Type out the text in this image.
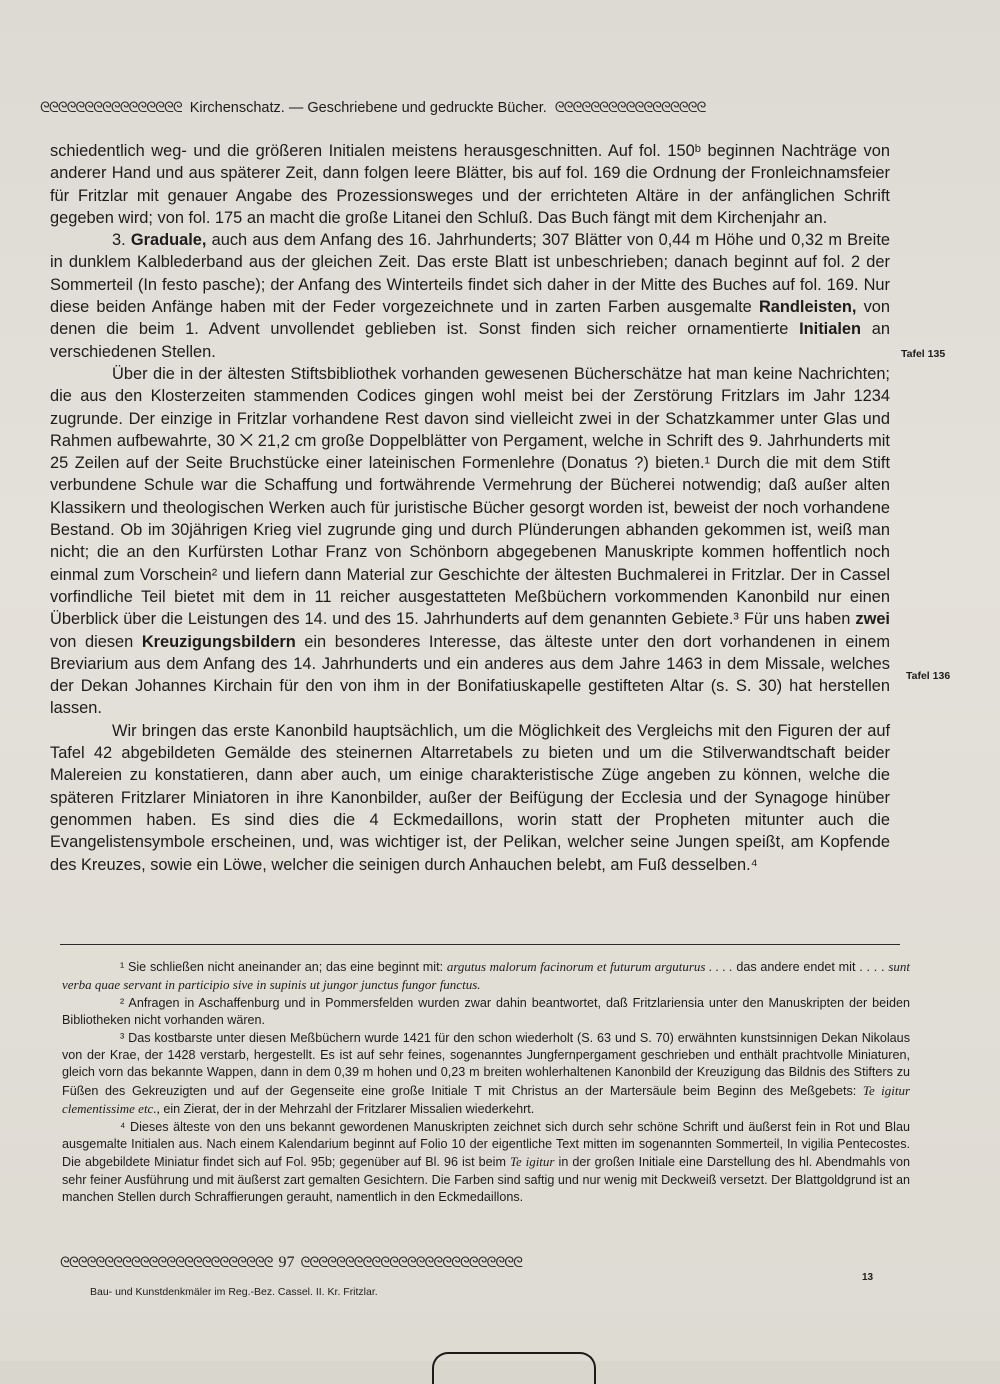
ᘓᘓᘓᘓᘓᘓᘓᘓᘓᘓᘓᘓᘓᘓᘓᘓ Kirchenschatz. — Geschriebene und gedruckte Bücher. ᘓᘓᘓᘓᘓᘓᘓᘓᘓᘓᘓᘓᘓᘓᘓᘓᘓ

schiedentlich weg- und die größeren Initialen meistens herausgeschnitten. Auf fol. 150ᵇ beginnen Nachträge von anderer Hand und aus späterer Zeit, dann folgen leere Blätter, bis auf fol. 169 die Ordnung der Fronleichnamsfeier für Fritzlar mit genauer Angabe des Prozessionsweges und der errichteten Altäre in der anfänglichen Schrift gegeben wird; von fol. 175 an macht die große Litanei den Schluß. Das Buch fängt mit dem Kirchenjahr an.

3. Graduale, auch aus dem Anfang des 16. Jahrhunderts; 307 Blätter von 0,44 m Höhe und 0,32 m Breite in dunklem Kalblederband aus der gleichen Zeit. Das erste Blatt ist unbeschrieben; danach beginnt auf fol. 2 der Sommerteil (In festo pasche); der Anfang des Winterteils findet sich daher in der Mitte des Buches auf fol. 169. Nur diese beiden Anfänge haben mit der Feder vorgezeichnete und in zarten Farben ausgemalte Randleisten, von denen die beim 1. Advent unvollendet geblieben ist. Sonst finden sich reicher ornamentierte Initialen an verschiedenen Stellen.

Über die in der ältesten Stiftsbibliothek vorhanden gewesenen Bücherschätze hat man keine Nachrichten; die aus den Klosterzeiten stammenden Codices gingen wohl meist bei der Zerstörung Fritzlars im Jahr 1234 zugrunde. Der einzige in Fritzlar vorhandene Rest davon sind vielleicht zwei in der Schatzkammer unter Glas und Rahmen aufbewahrte, 30 ⨉ 21,2 cm große Doppelblätter von Pergament, welche in Schrift des 9. Jahrhunderts mit 25 Zeilen auf der Seite Bruchstücke einer lateinischen Formenlehre (Donatus ?) bieten.¹ Durch die mit dem Stift verbundene Schule war die Schaffung und fortwährende Vermehrung der Bücherei notwendig; daß außer alten Klassikern und theologischen Werken auch für juristische Bücher gesorgt worden ist, beweist der noch vorhandene Bestand. Ob im 30jährigen Krieg viel zugrunde ging und durch Plünderungen abhanden gekommen ist, weiß man nicht; die an den Kurfürsten Lothar Franz von Schönborn abgegebenen Manuskripte kommen hoffentlich noch einmal zum Vorschein² und liefern dann Material zur Geschichte der ältesten Buchmalerei in Fritzlar. Der in Cassel vorfindliche Teil bietet mit dem in 11 reicher ausgestatteten Meßbüchern vorkommenden Kanonbild nur einen Überblick über die Leistungen des 14. und des 15. Jahrhunderts auf dem genannten Gebiete.³ Für uns haben zwei von diesen Kreuzigungsbildern ein besonderes Interesse, das älteste unter den dort vorhandenen in einem Breviarium aus dem Anfang des 14. Jahrhunderts und ein anderes aus dem Jahre 1463 in dem Missale, welches der Dekan Johannes Kirchain für den von ihm in der Bonifatiuskapelle gestifteten Altar (s. S. 30) hat herstellen lassen.

Wir bringen das erste Kanonbild hauptsächlich, um die Möglichkeit des Vergleichs mit den Figuren der auf Tafel 42 abgebildeten Gemälde des steinernen Altarretabels zu bieten und um die Stilverwandtschaft beider Malereien zu konstatieren, dann aber auch, um einige charakteristische Züge angeben zu können, welche die späteren Fritzlarer Miniatoren in ihre Kanonbilder, außer der Beifügung der Ecclesia und der Synagoge hinüber genommen haben. Es sind dies die 4 Eckmedaillons, worin statt der Propheten mitunter auch die Evangelistensymbole erscheinen, und, was wichtiger ist, der Pelikan, welcher seine Jungen speißt, am Kopfende des Kreuzes, sowie ein Löwe, welcher die seinigen durch Anhauchen belebt, am Fuß desselben.⁴

Tafel 135
Tafel 136

¹ Sie schließen nicht aneinander an; das eine beginnt mit: argutus malorum facinorum et futurum arguturus . . . . das andere endet mit . . . . sunt verba quae servant in participio sive in supinis ut jungor junctus fungor functus.

² Anfragen in Aschaffenburg und in Pommersfelden wurden zwar dahin beantwortet, daß Fritzlariensia unter den Manuskripten der beiden Bibliotheken nicht vorhanden wären.

³ Das kostbarste unter diesen Meßbüchern wurde 1421 für den schon wiederholt (S. 63 und S. 70) erwähnten kunstsinnigen Dekan Nikolaus von der Krae, der 1428 verstarb, hergestellt. Es ist auf sehr feines, sogenanntes Jungfernpergament geschrieben und enthält prachtvolle Miniaturen, gleich vorn das bekannte Wappen, dann in dem 0,39 m hohen und 0,23 m breiten wohlerhaltenen Kanonbild der Kreuzigung das Bildnis des Stifters zu Füßen des Gekreuzigten und auf der Gegenseite eine große Initiale T mit Christus an der Martersäule beim Beginn des Meßgebets: Te igitur clementissime etc., ein Zierat, der in der Mehrzahl der Fritzlarer Missalien wiederkehrt.

⁴ Dieses älteste von den uns bekannt gewordenen Manuskripten zeichnet sich durch sehr schöne Schrift und äußerst fein in Rot und Blau ausgemalte Initialen aus. Nach einem Kalendarium beginnt auf Folio 10 der eigentliche Text mitten im sogenannten Sommerteil, In vigilia Pentecostes. Die abgebildete Miniatur findet sich auf Fol. 95b; gegenüber auf Bl. 96 ist beim Te igitur in der großen Initiale eine Darstellung des hl. Abendmahls von sehr feiner Ausführung und mit äußerst zart gemalten Gesichtern. Die Farben sind saftig und nur wenig mit Deckweiß versetzt. Der Blattgoldgrund ist an manchen Stellen durch Schraffierungen gerauht, namentlich in den Eckmedaillons.

ᘓᘓᘓᘓᘓᘓᘓᘓᘓᘓᘓᘓᘓᘓᘓᘓᘓᘓᘓᘓᘓᘓᘓᘓ 97 ᘓᘓᘓᘓᘓᘓᘓᘓᘓᘓᘓᘓᘓᘓᘓᘓᘓᘓᘓᘓᘓᘓᘓᘓᘓ
13
Bau- und Kunstdenkmäler im Reg.-Bez. Cassel. II. Kr. Fritzlar.
